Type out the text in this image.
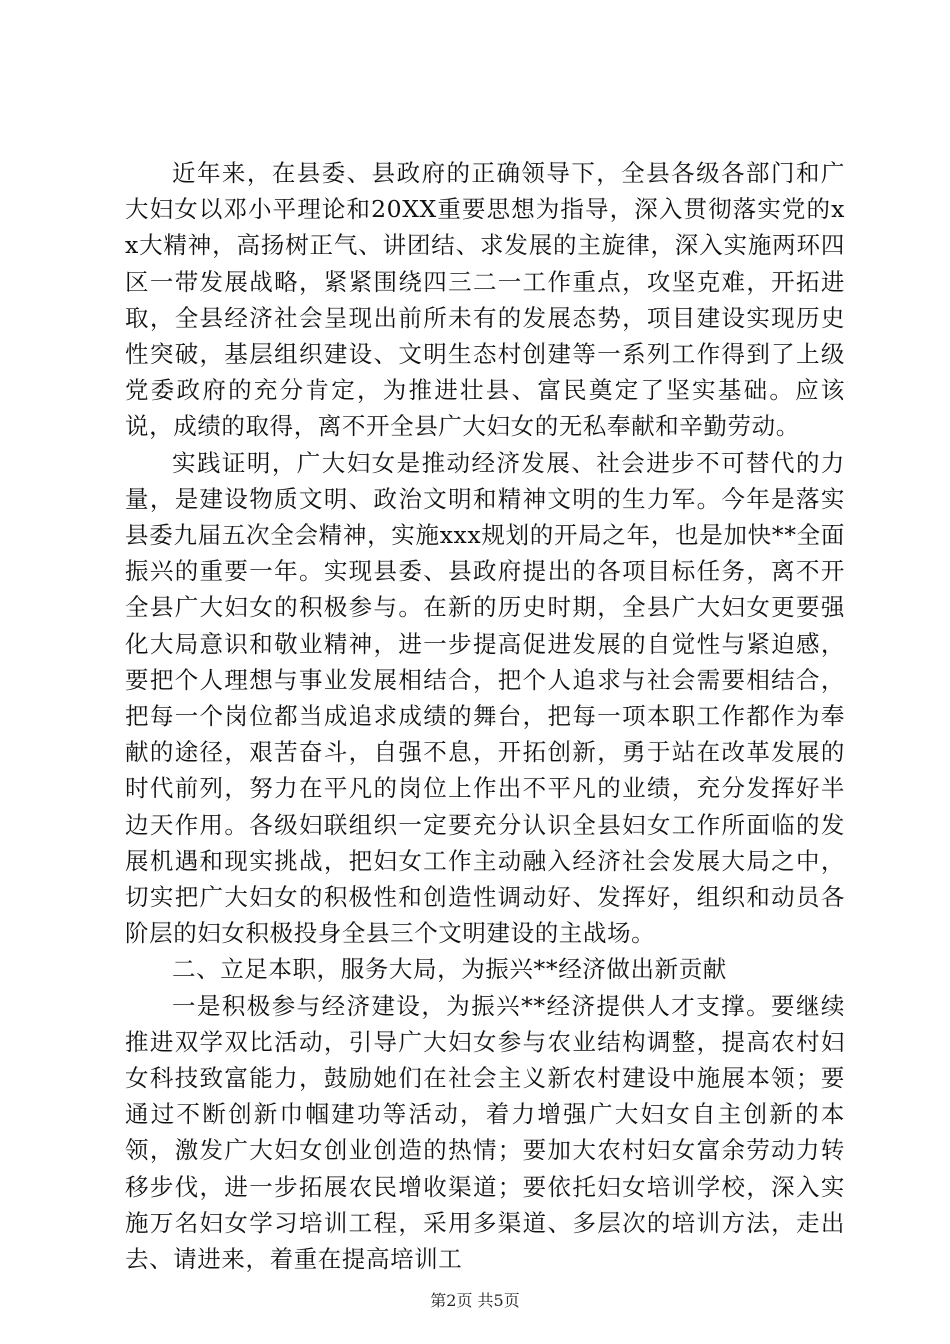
近年来，在县委、县政府的正确领导下，全县各级各部门和广大妇女以邓小平理论和20XX重要思想为指导，深入贯彻落实党的xx大精神，高扬树正气、讲团结、求发展的主旋律，深入实施两环四区一带发展战略，紧紧围绕四三二一工作重点，攻坚克难，开拓进取，全县经济社会呈现出前所未有的发展态势，项目建设实现历史性突破，基层组织建设、文明生态村创建等一系列工作得到了上级党委政府的充分肯定，为推进壮县、富民奠定了坚实基础。应该说，成绩的取得，离不开全县广大妇女的无私奉献和辛勤劳动。

实践证明，广大妇女是推动经济发展、社会进步不可替代的力量，是建设物质文明、政治文明和精神文明的生力军。今年是落实县委九届五次全会精神，实施xxx规划的开局之年，也是加快**全面振兴的重要一年。实现县委、县政府提出的各项目标任务，离不开全县广大妇女的积极参与。在新的历史时期，全县广大妇女更要强化大局意识和敬业精神，进一步提高促进发展的自觉性与紧迫感，要把个人理想与事业发展相结合，把个人追求与社会需要相结合，把每一个岗位都当成追求成绩的舞台，把每一项本职工作都作为奉献的途径，艰苦奋斗，自强不息，开拓创新，勇于站在改革发展的时代前列，努力在平凡的岗位上作出不平凡的业绩，充分发挥好半边天作用。各级妇联组织一定要充分认识全县妇女工作所面临的发展机遇和现实挑战，把妇女工作主动融入经济社会发展大局之中，切实把广大妇女的积极性和创造性调动好、发挥好，组织和动员各阶层的妇女积极投身全县三个文明建设的主战场。

二、立足本职，服务大局，为振兴**经济做出新贡献

一是积极参与经济建设，为振兴**经济提供人才支撑。要继续推进双学双比活动，引导广大妇女参与农业结构调整，提高农村妇女科技致富能力，鼓励她们在社会主义新农村建设中施展本领；要通过不断创新巾帼建功等活动，着力增强广大妇女自主创新的本领，激发广大妇女创业创造的热情；要加大农村妇女富余劳动力转移步伐，进一步拓展农民增收渠道；要依托妇女培训学校，深入实施万名妇女学习培训工程，采用多渠道、多层次的培训方法，走出去、请进来，着重在提高培训工

第2页 共5页
